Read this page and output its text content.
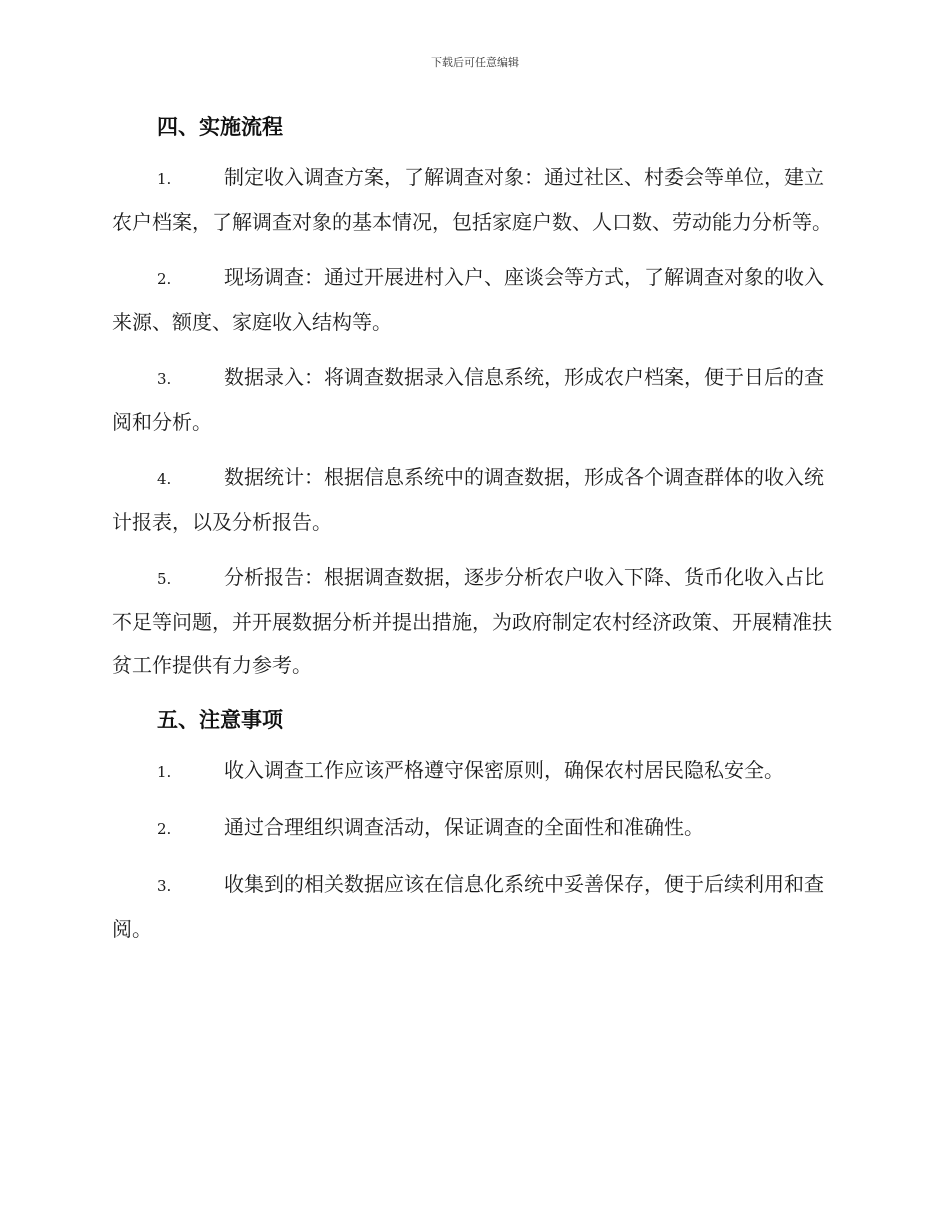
下载后可任意编辑
四、实施流程

1.	制定收入调查方案，了解调查对象：通过社区、村委会等单位，建立农户档案，了解调查对象的基本情况，包括家庭户数、人口数、劳动能力分析等。

2.	现场调查：通过开展进村入户、座谈会等方式，了解调查对象的收入来源、额度、家庭收入结构等。

3.	数据录入：将调查数据录入信息系统，形成农户档案，便于日后的查阅和分析。

4.	数据统计：根据信息系统中的调查数据，形成各个调查群体的收入统计报表，以及分析报告。

5.	分析报告：根据调查数据，逐步分析农户收入下降、货币化收入占比不足等问题，并开展数据分析并提出措施，为政府制定农村经济政策、开展精准扶贫工作提供有力参考。

五、注意事项

1.	收入调查工作应该严格遵守保密原则，确保农村居民隐私安全。

2.	通过合理组织调查活动，保证调查的全面性和准确性。

3.	收集到的相关数据应该在信息化系统中妥善保存，便于后续利用和查阅。
